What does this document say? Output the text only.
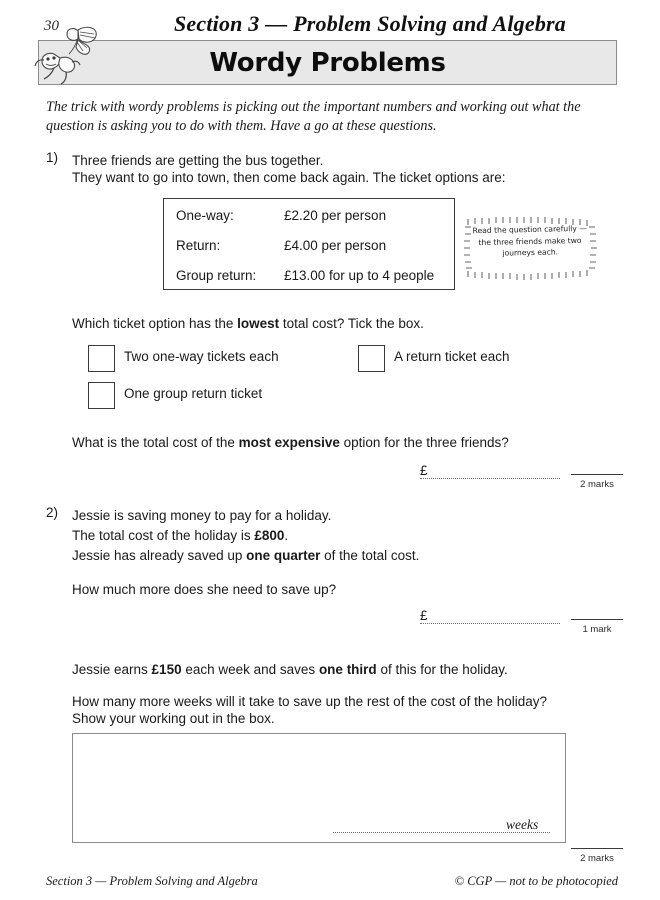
30	Section 3 — Problem Solving and Algebra
Wordy Problems
The trick with wordy problems is picking out the important numbers and working out what the question is asking you to do with them. Have a go at these questions.
1) Three friends are getting the bus together.
They want to go into town, then come back again. The ticket options are:
One-way:	£2.20 per person
Return:	£4.00 per person
Group return: £13.00 for up to 4 people
Read the question carefully — the three friends make two journeys each.
Which ticket option has the lowest total cost? Tick the box.
Two one-way tickets each	A return ticket each
One group return ticket
What is the total cost of the most expensive option for the three friends?
£
2 marks
2) Jessie is saving money to pay for a holiday.
The total cost of the holiday is £800.
Jessie has already saved up one quarter of the total cost.
How much more does she need to save up?
£
1 mark
Jessie earns £150 each week and saves one third of this for the holiday.
How many more weeks will it take to save up the rest of the cost of the holiday?
Show your working out in the box.
weeks
2 marks
Section 3 — Problem Solving and Algebra	© CGP — not to be photocopied
